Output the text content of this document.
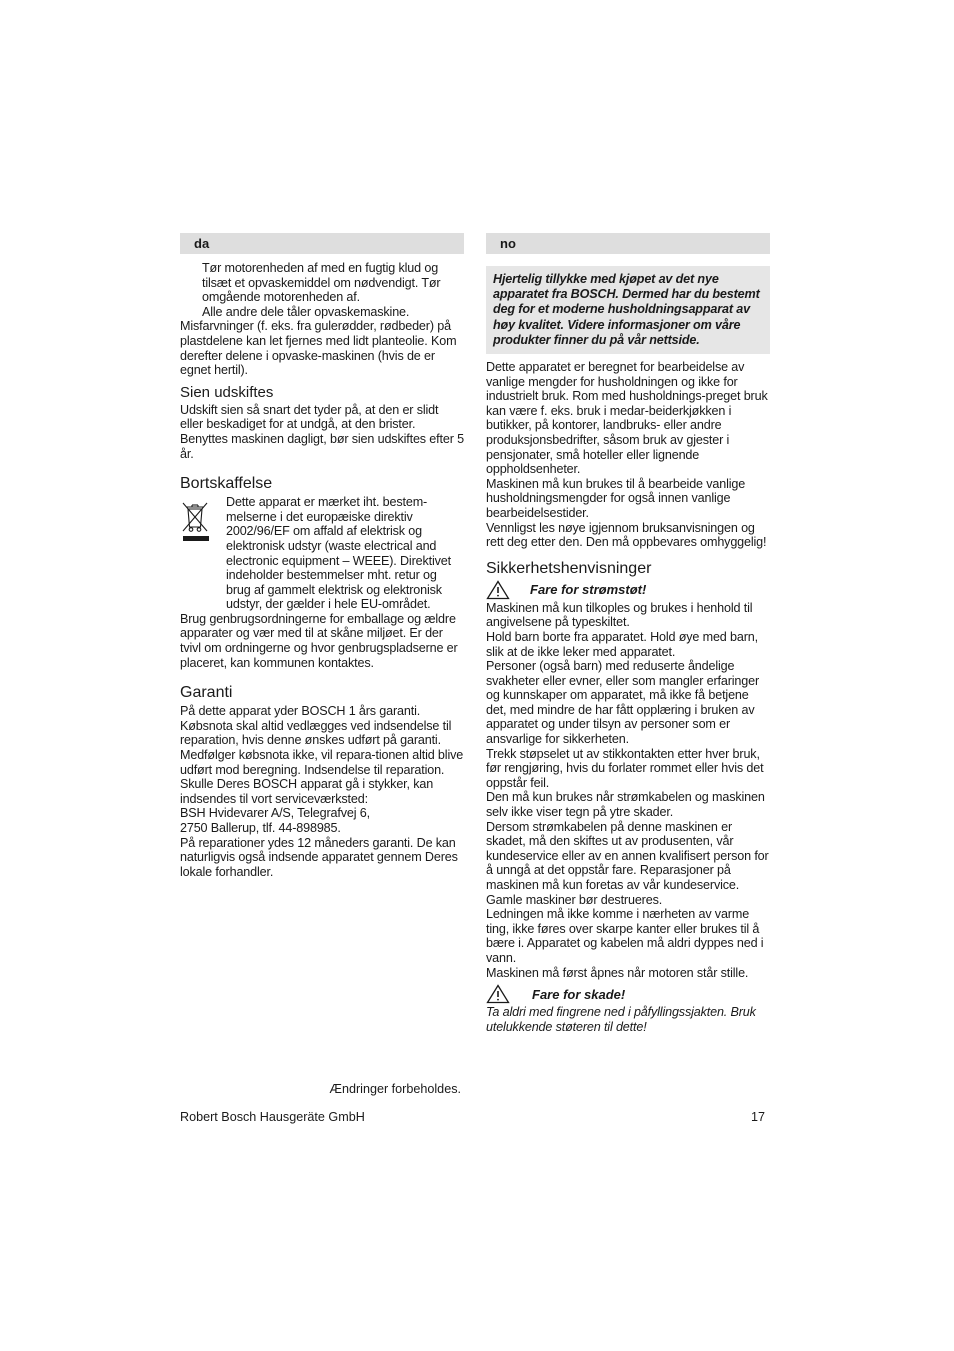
da

Tør motorenheden af med en fugtig klud og tilsæt et opvaskemiddel om nødvendigt. Tør omgående motorenheden af.

Alle andre dele tåler opvaskemaskine.

Misfarvninger (f. eks. fra gulerødder, rødbeder) på plastdelene kan let fjernes med lidt planteolie. Kom derefter delene i opvaske-maskinen (hvis de er egnet hertil).

Sien udskiftes

Udskift sien så snart det tyder på, at den er slidt eller beskadiget for at undgå, at den brister. Benyttes maskinen dagligt, bør sien udskiftes efter 5 år.

Bortskaffelse

Dette apparat er mærket iht. bestem-melserne i det europæiske direktiv 2002/96/EF om affald af elektrisk og elektronisk udstyr (waste electrical and electronic equipment – WEEE). Direktivet indeholder bestemmelser mht. retur og brug af gammelt elektrisk og elektronisk udstyr, der gælder i hele EU-området.

Brug genbrugsordningerne for emballage og ældre apparater og vær med til at skåne miljøet. Er der tvivl om ordningerne og hvor genbrugspladserne er placeret, kan kommunen kontaktes.

Garanti

På dette apparat yder BOSCH 1 års garanti. Købsnota skal altid vedlægges ved indsendelse til reparation, hvis denne ønskes udført på garanti. Medfølger købsnota ikke, vil repara-tionen altid blive udført mod beregning. Indsendelse til reparation.

Skulle Deres BOSCH apparat gå i stykker, kan indsendes til vort serviceværksted:

BSH Hvidevarer A/S, Telegrafvej 6,

2750 Ballerup, tlf. 44-898985.

På reparationer ydes 12 måneders garanti. De kan naturligvis også indsende apparatet gennem Deres lokale forhandler.

no

Hjertelig tillykke med kjøpet av det nye apparatet fra BOSCH. Dermed har du bestemt deg for et moderne husholdningsapparat av høy kvalitet. Videre informasjoner om våre produkter finner du på vår nettside.

Dette apparatet er beregnet for bearbeidelse av vanlige mengder for husholdningen og ikke for industrielt bruk. Rom med husholdnings-preget bruk kan være f. eks. bruk i medar-beiderkjøkken i butikker, på kontorer, landbruks- eller andre produksjonsbedrifter, såsom bruk av gjester i pensjonater, små hoteller eller lignende oppholdsenheter.

Maskinen må kun brukes til å bearbeide vanlige husholdningsmengder for også innen vanlige bearbeidelsestider.

Vennligst les nøye igjennom bruksanvisningen og rett deg etter den. Den må oppbevares omhyggelig!

Sikkerhetshenvisninger
Fare for strømstøt!

Maskinen må kun tilkoples og brukes i henhold til angivelsene på typeskiltet.

Hold barn borte fra apparatet. Hold øye med barn, slik at de ikke leker med apparatet.

Personer (også barn) med reduserte åndelige svakheter eller evner, eller som mangler erfaringer og kunnskaper om apparatet, må ikke få betjene det, med mindre de har fått opplæring i bruken av apparatet og under tilsyn av personer som er ansvarlige for sikkerheten.

Trekk støpselet ut av stikkontakten etter hver bruk, før rengjøring, hvis du forlater rommet eller hvis det oppstår feil.

Den må kun brukes når strømkabelen og maskinen selv ikke viser tegn på ytre skader.

Dersom strømkabelen på denne maskinen er skadet, må den skiftes ut av produsenten, vår kundeservice eller av en annen kvalifisert person for å unngå at det oppstår fare. Reparasjoner på maskinen må kun foretas av vår kundeservice.

Gamle maskiner bør destrueres.

Ledningen må ikke komme i nærheten av varme ting, ikke føres over skarpe kanter eller brukes til å bære i. Apparatet og kabelen må aldri dyppes ned i vann.

Maskinen må først åpnes når motoren står stille.

Fare for skade!

Ta aldri med fingrene ned i påfyllingssjakten. Bruk utelukkende støteren til dette!

Ændringer forbeholdes.
Robert Bosch Hausgeräte GmbH	17
